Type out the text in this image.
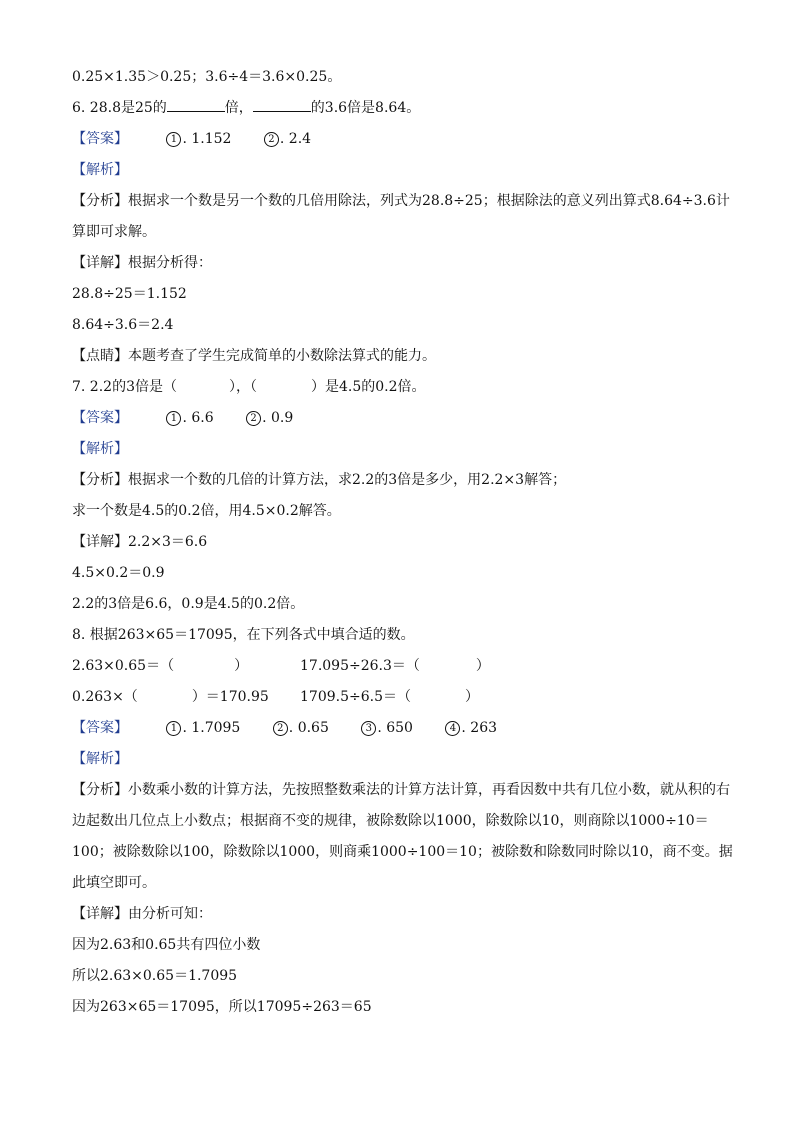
0.25×1.35＞0.25；3.6÷4＝3.6×0.25。
6. 28.8是25的	倍，	的3.6倍是8.64。
【答案】	1 . 1.152	2 . 2.4
【解析】
【分析】根据求一个数是另一个数的几倍用除法，列式为28.8÷25；根据除法的意义列出算式8.64÷3.6计算即可求解。
【详解】根据分析得：
28.8÷25＝1.152
8.64÷3.6＝2.4
【点睛】本题考查了学生完成简单的小数除法算式的能力。
7. 2.2的3倍是（	），（	）是4.5的0.2倍。
【答案】	1 . 6.6	2 . 0.9
【解析】
【分析】根据求一个数的几倍的计算方法，求2.2的3倍是多少，用2.2×3解答；
求一个数是4.5的0.2倍，用4.5×0.2解答。
【详解】2.2×3＝6.6
4.5×0.2＝0.9
2.2的3倍是6.6，0.9是4.5的0.2倍。
8. 根据263×65＝17095，在下列各式中填合适的数。
2.63×0.65＝（	）	17.095÷26.3＝（	）
0.263×（	）＝170.95 1709.5÷6.5＝（	）
【答案】	1 . 1.7095	2 . 0.65	3 . 650	4 . 263
【解析】
【分析】小数乘小数的计算方法，先按照整数乘法的计算方法计算，再看因数中共有几位小数，就从积的右边起数出几位点上小数点；根据商不变的规律，被除数除以1000，除数除以10，则商除以1000÷10＝100；被除数除以100，除数除以1000，则商乘1000÷100＝10；被除数和除数同时除以10，商不变。据此填空即可。
【详解】由分析可知：
因为2.63和0.65共有四位小数
所以2.63×0.65＝1.7095
因为263×65＝17095，所以17095÷263＝65
